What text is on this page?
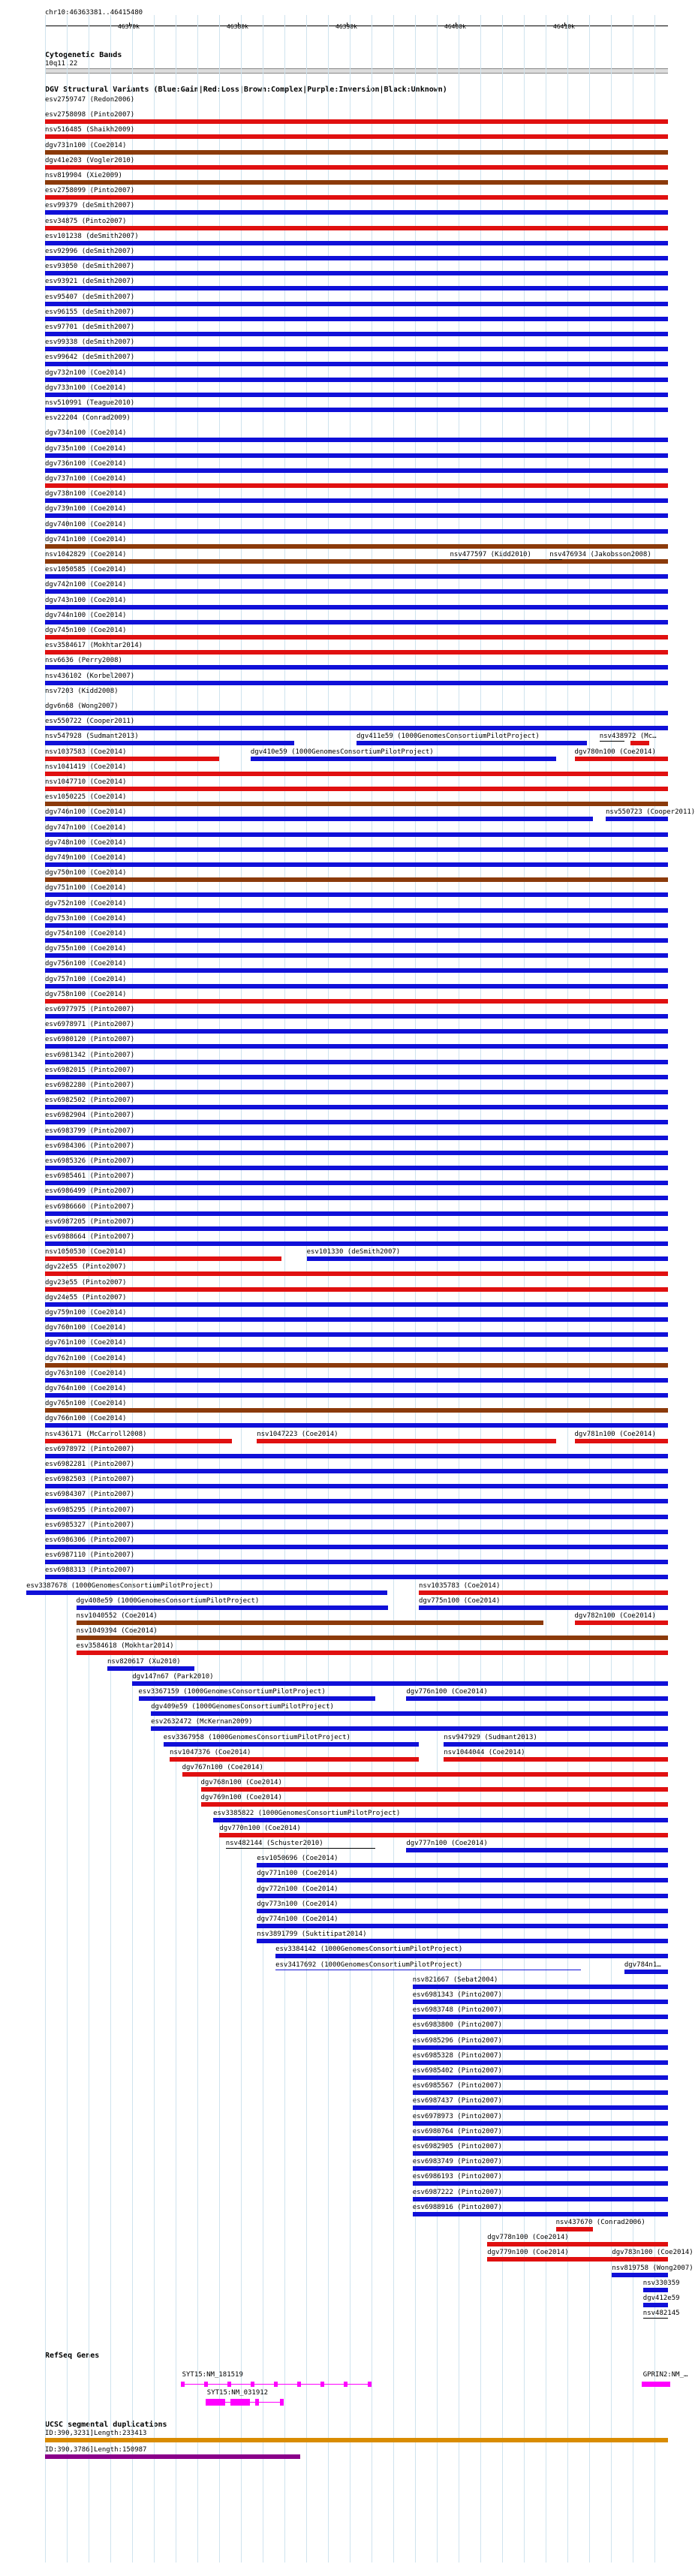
chr10:46363381..46415480
Cytogenetic Bands
10q11.22
DGV Structural Variants (Blue:Gain|Red:Loss|Brown:Complex|Purple:Inversion|Black:Unknown)
RefSeq Genes
UCSC segmental duplications
46370k	46380k	46390k	46400k	46410k
esv2759747 (Redon2006)
esv2758098 (Pinto2007)
nsv516485 (Shaikh2009)
dgv731n100 (Coe2014)
dgv41e203 (Vogler2010)
nsv819904 (Xie2009)
esv2758099 (Pinto2007)
esv99379 (deSmith2007)
esv34875 (Pinto2007)
esv101238 (deSmith2007)
esv92996 (deSmith2007)
esv93050 (deSmith2007)
esv93921 (deSmith2007)
esv95407 (deSmith2007)
esv96155 (deSmith2007)
esv97701 (deSmith2007)
esv99338 (deSmith2007)
esv99642 (deSmith2007)
dgv732n100 (Coe2014)
dgv733n100 (Coe2014)
nsv510991 (Teague2010)
esv22204 (Conrad2009)
dgv734n100 (Coe2014)
dgv735n100 (Coe2014)
dgv736n100 (Coe2014)
dgv737n100 (Coe2014)
dgv738n100 (Coe2014)
dgv739n100 (Coe2014)
dgv740n100 (Coe2014)
dgv741n100 (Coe2014)
nsv1042829 (Coe2014)	nsv477597 (Kidd2010)	nsv476934 (Jakobsson2008)
esv1050585 (Coe2014)
dgv742n100 (Coe2014)
dgv743n100 (Coe2014)
dgv744n100 (Coe2014)
dgv745n100 (Coe2014)
esv3584617 (Mokhtar2014)
nsv6636 (Perry2008)
nsv436102 (Korbel2007)
nsv7203 (Kidd2008)
dgv6n68 (Wong2007)
esv550722 (Cooper2011)
nsv547928 (Sudmant2013)	dgv411e59 (1000GenomesConsortiumPilotProject)	nsv438972 (Mc…
nsv1037583 (Coe2014)	dgv410e59 (1000GenomesConsortiumPilotProject)	dgv780n100 (Coe2014)
nsv1041419 (Coe2014)
nsv1047710 (Coe2014)
esv1050225 (Coe2014)
dgv746n100 (Coe2014)	nsv550723 (Cooper2011)
dgv747n100 (Coe2014)
dgv748n100 (Coe2014)
dgv749n100 (Coe2014)
dgv750n100 (Coe2014)
dgv751n100 (Coe2014)
dgv752n100 (Coe2014)
dgv753n100 (Coe2014)
dgv754n100 (Coe2014)
dgv755n100 (Coe2014)
dgv756n100 (Coe2014)
dgv757n100 (Coe2014)
dgv758n100 (Coe2014)
esv6977975 (Pinto2007)
esv6978971 (Pinto2007)
esv6980120 (Pinto2007)
esv6981342 (Pinto2007)
esv6982015 (Pinto2007)
esv6982280 (Pinto2007)
esv6982502 (Pinto2007)
esv6982904 (Pinto2007)
esv6983799 (Pinto2007)
esv6984306 (Pinto2007)
esv6985326 (Pinto2007)
esv6985461 (Pinto2007)
esv6986499 (Pinto2007)
esv6986660 (Pinto2007)
esv6987205 (Pinto2007)
esv6988664 (Pinto2007)
nsv1050530 (Coe2014)	esv101330 (deSmith2007)
dgv22e55 (Pinto2007)
dgv23e55 (Pinto2007)
dgv24e55 (Pinto2007)
dgv759n100 (Coe2014)
dgv760n100 (Coe2014)
dgv761n100 (Coe2014)
dgv762n100 (Coe2014)
dgv763n100 (Coe2014)
dgv764n100 (Coe2014)
dgv765n100 (Coe2014)
dgv766n100 (Coe2014)
nsv436171 (McCarroll2008)	nsv1047223 (Coe2014)	dgv781n100 (Coe2014)
esv6978972 (Pinto2007)
esv6982281 (Pinto2007)
esv6982503 (Pinto2007)
esv6984307 (Pinto2007)
esv6985295 (Pinto2007)
esv6985327 (Pinto2007)
esv6986306 (Pinto2007)
esv6987110 (Pinto2007)
esv6988313 (Pinto2007)
esv3387678 (1000GenomesConsortiumPilotProject)	nsv1035783 (Coe2014)
dgv408e59 (1000GenomesConsortiumPilotProject)	dgv775n100 (Coe2014)
nsv1040552 (Coe2014)	dgv782n100 (Coe2014)
nsv1049394 (Coe2014)
esv3584618 (Mokhtar2014)
nsv820617 (Xu2010)
dgv147n67 (Park2010)
esv3367159 (1000GenomesConsortiumPilotProject)	dgv776n100 (Coe2014)
dgv409e59 (1000GenomesConsortiumPilotProject)
esv2632472 (McKernan2009)
esv3367958 (1000GenomesConsortiumPilotProject)	nsv947929 (Sudmant2013)
nsv1047376 (Coe2014)	nsv1044044 (Coe2014)
dgv767n100 (Coe2014)
dgv768n100 (Coe2014)
dgv769n100 (Coe2014)
esv3385822 (1000GenomesConsortiumPilotProject)
dgv770n100 (Coe2014)
nsv482144 (Schuster2010)	dgv777n100 (Coe2014)
esv1050696 (Coe2014)
dgv771n100 (Coe2014)
dgv772n100 (Coe2014)
dgv773n100 (Coe2014)
dgv774n100 (Coe2014)
nsv3891799 (Suktitipat2014)
esv3384142 (1000GenomesConsortiumPilotProject)
esv3417692 (1000GenomesConsortiumPilotProject)	dgv784n1…
nsv821667 (Sebat2004)
esv6981343 (Pinto2007)
esv6983748 (Pinto2007)
esv6983800 (Pinto2007)
esv6985296 (Pinto2007)
esv6985328 (Pinto2007)
esv6985402 (Pinto2007)
esv6985567 (Pinto2007)
esv6987437 (Pinto2007)
esv6978973 (Pinto2007)
esv6980764 (Pinto2007)
esv6982905 (Pinto2007)
esv6983749 (Pinto2007)
esv6986193 (Pinto2007)
esv6987222 (Pinto2007)
esv6988916 (Pinto2007)
nsv437670 (Conrad2006)
dgv778n100 (Coe2014)
dgv779n100 (Coe2014)	dgv783n100 (Coe2014)
nsv819758 (Wong2007)
nsv330359
dgv412e59
nsv482145
SYT15:NM_181519	GPRIN2:NM_…
SYT15:NM_031912
ID:390,3231]Length:233413
ID:390,3786]Length:150987
